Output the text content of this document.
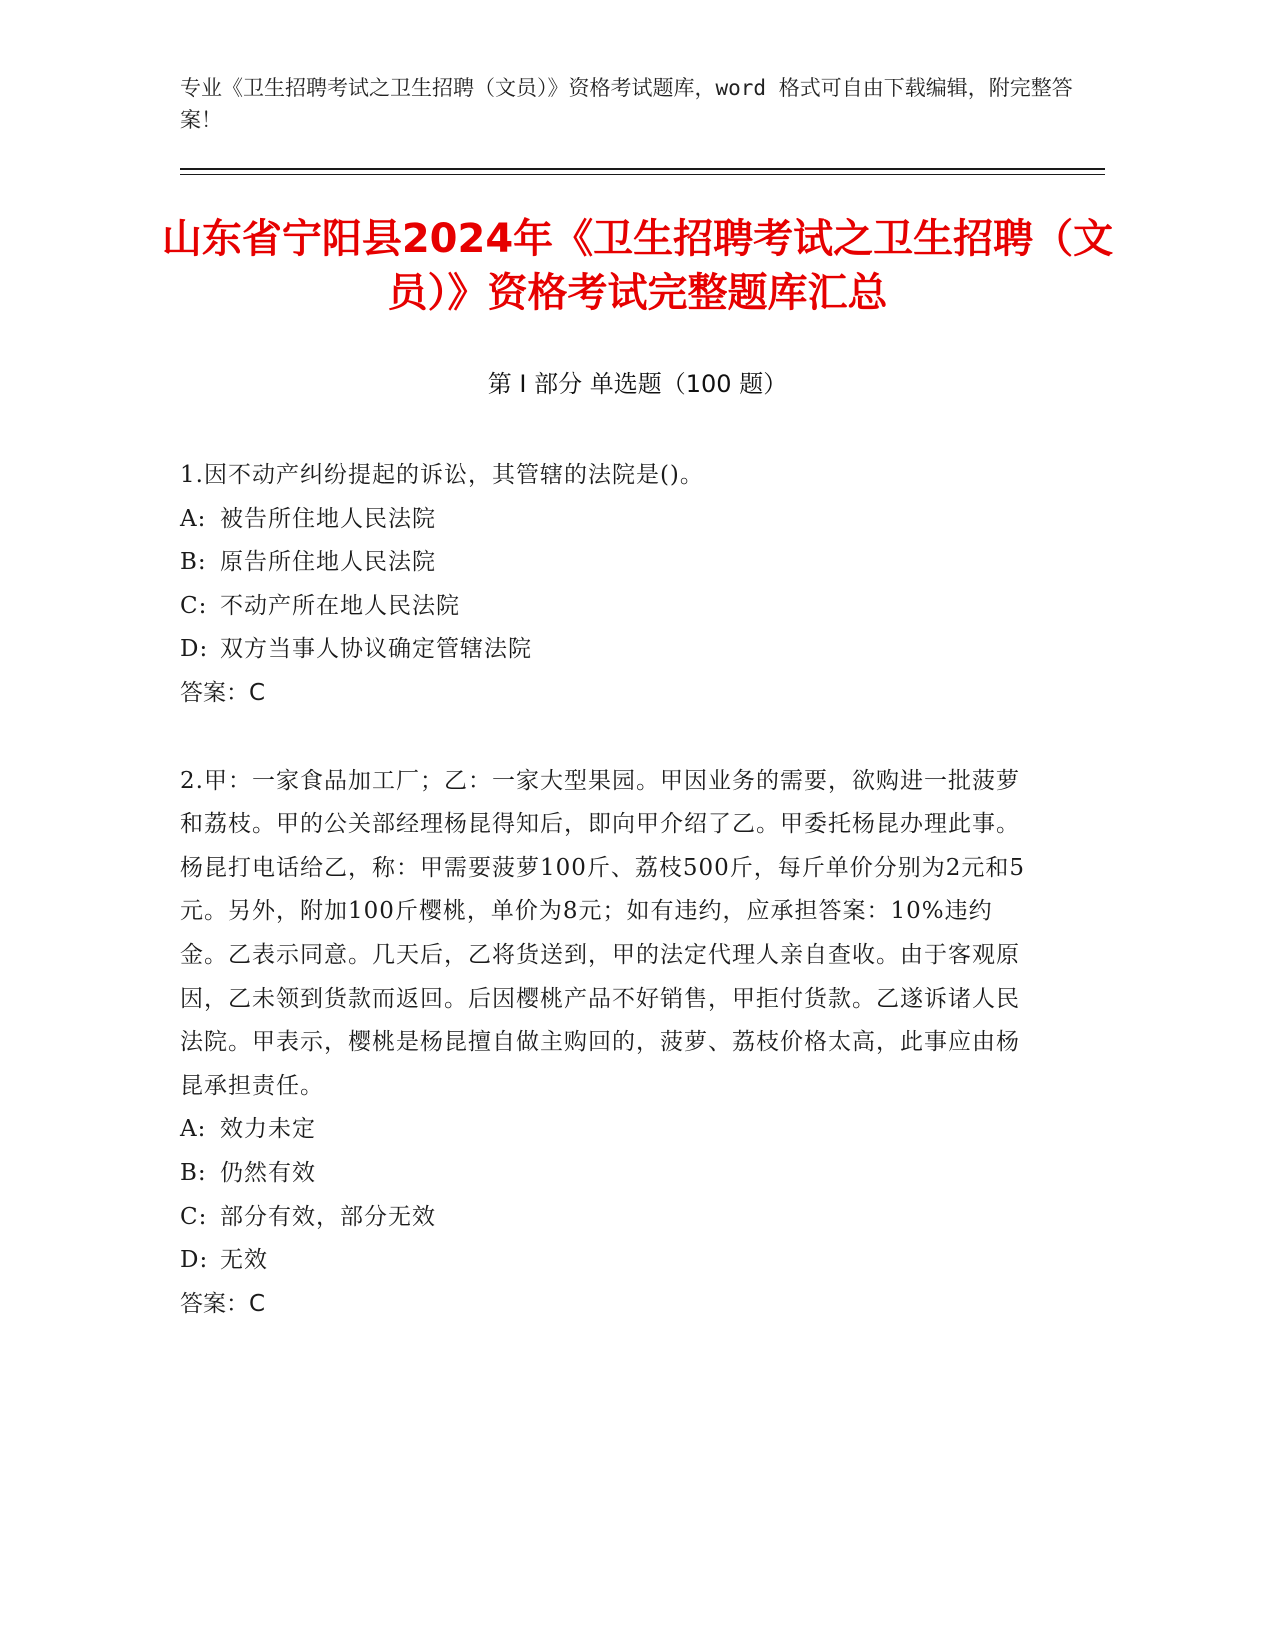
专业《卫生招聘考试之卫生招聘（文员）》资格考试题库，word 格式可自由下载编辑，附完整答案！
山东省宁阳县2024年《卫生招聘考试之卫生招聘（文员）》资格考试完整题库汇总
第 I 部分 单选题（100 题）

1.因不动产纠纷提起的诉讼，其管辖的法院是()。

A: 被告所住地人民法院

B: 原告所住地人民法院

C: 不动产所在地人民法院

D: 双方当事人协议确定管辖法院

答案：C

2.甲：一家食品加工厂；乙：一家大型果园。甲因业务的需要，欲购进一批菠萝和荔枝。甲的公关部经理杨昆得知后，即向甲介绍了乙。甲委托杨昆办理此事。杨昆打电话给乙，称：甲需要菠萝100斤、荔枝500斤，每斤单价分别为2元和5元。另外，附加100斤樱桃，单价为8元；如有违约，应承担答案：10%违约金。乙表示同意。几天后，乙将货送到，甲的法定代理人亲自查收。由于客观原因，乙未领到货款而返回。后因樱桃产品不好销售，甲拒付货款。乙遂诉诸人民法院。甲表示，樱桃是杨昆擅自做主购回的，菠萝、荔枝价格太高，此事应由杨昆承担责任。

A: 效力未定

B: 仍然有效

C: 部分有效，部分无效

D: 无效

答案：C
